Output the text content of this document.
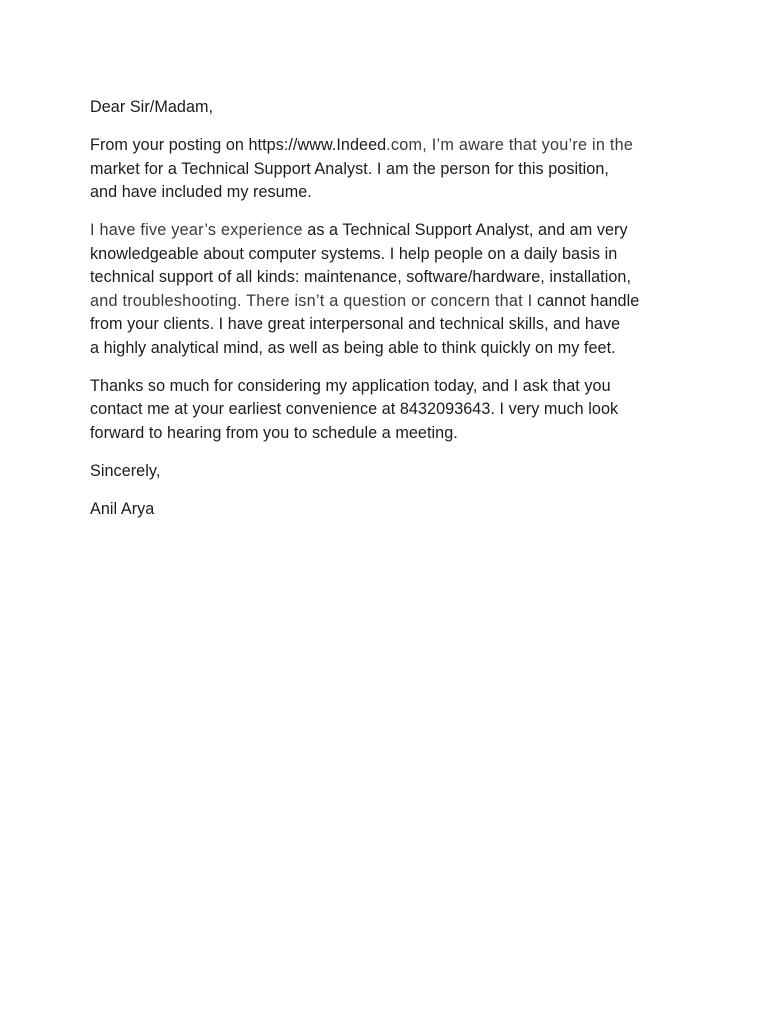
Dear Sir/Madam,

From your posting on https://www.Indeed.com, I’m aware that you’re in the
market for a Technical Support Analyst. I am the person for this position,
and have included my resume.

I have five year’s experience as a Technical Support Analyst, and am very
knowledgeable about computer systems. I help people on a daily basis in
technical support of all kinds: maintenance, software/hardware, installation,
and troubleshooting. There isn’t a question or concern that I cannot handle
from your clients. I have great interpersonal and technical skills, and have
a highly analytical mind, as well as being able to think quickly on my feet.

Thanks so much for considering my application today, and I ask that you
contact me at your earliest convenience at 8432093643. I very much look
forward to hearing from you to schedule a meeting.

Sincerely,

Anil Arya
